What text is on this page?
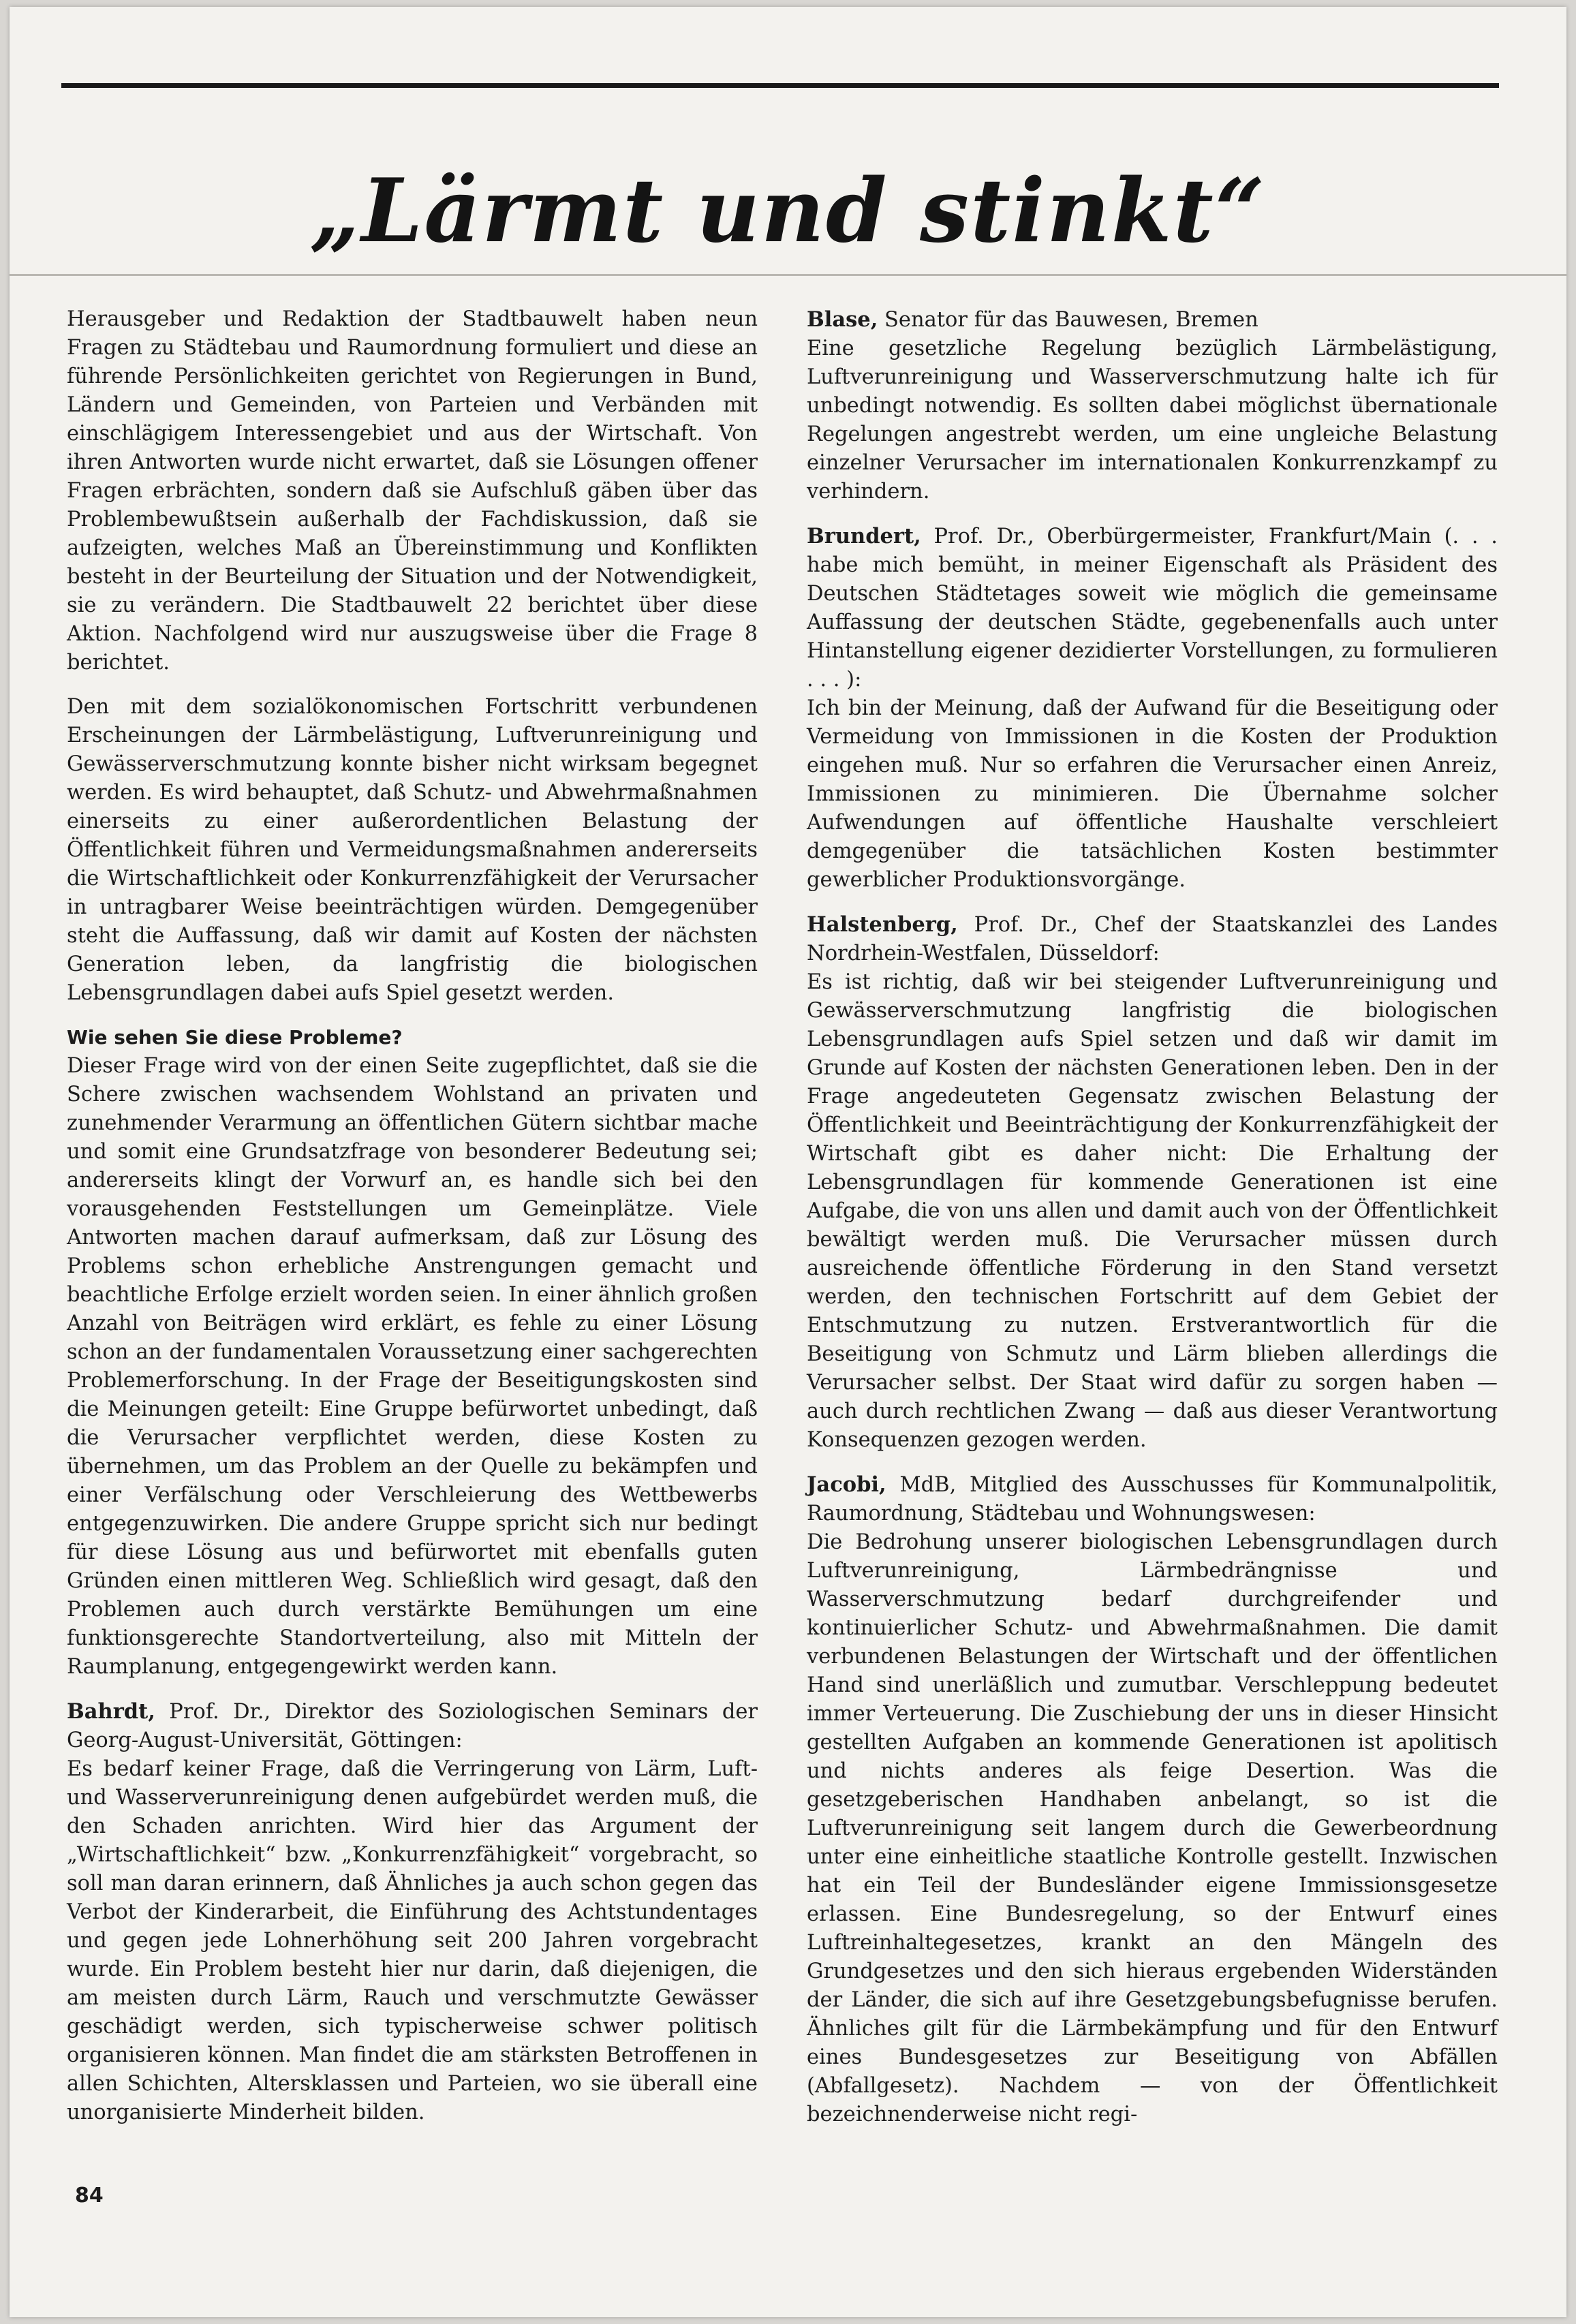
„Lärmt und stinkt“

Herausgeber und Redaktion der Stadtbauwelt haben neun Fragen zu Städtebau und Raumordnung formuliert und diese an führende Persönlichkeiten gerichtet von Regierungen in Bund, Ländern und Gemeinden, von Parteien und Verbänden mit einschlägigem Interessengebiet und aus der Wirtschaft. Von ihren Antworten wurde nicht erwartet, daß sie Lösungen offener Fragen erbrächten, sondern daß sie Aufschluß gäben über das Problembewußtsein außerhalb der Fachdiskussion, daß sie aufzeigten, welches Maß an Übereinstimmung und Konflikten besteht in der Beurteilung der Situation und der Notwendigkeit, sie zu verändern. Die Stadtbauwelt 22 berichtet über diese Aktion. Nachfolgend wird nur auszugsweise über die Frage 8 berichtet.

Den mit dem sozialökonomischen Fortschritt verbundenen Erscheinungen der Lärmbelästigung, Luftverunreinigung und Gewässerverschmutzung konnte bisher nicht wirksam begegnet werden. Es wird behauptet, daß Schutz- und Abwehrmaßnahmen einerseits zu einer außerordentlichen Belastung der Öffentlichkeit führen und Vermeidungsmaßnahmen andererseits die Wirtschaftlichkeit oder Konkurrenzfähigkeit der Verursacher in untragbarer Weise beeinträchtigen würden. Demgegenüber steht die Auffassung, daß wir damit auf Kosten der nächsten Generation leben, da langfristig die biologischen Lebensgrundlagen dabei aufs Spiel gesetzt werden.

Wie sehen Sie diese Probleme?

Dieser Frage wird von der einen Seite zugepflichtet, daß sie die Schere zwischen wachsendem Wohlstand an privaten und zunehmender Verarmung an öffentlichen Gütern sichtbar mache und somit eine Grundsatzfrage von besonderer Bedeutung sei; andererseits klingt der Vorwurf an, es handle sich bei den vorausgehenden Feststellungen um Gemeinplätze. Viele Antworten machen darauf aufmerksam, daß zur Lösung des Problems schon erhebliche Anstrengungen gemacht und beachtliche Erfolge erzielt worden seien. In einer ähnlich großen Anzahl von Beiträgen wird erklärt, es fehle zu einer Lösung schon an der fundamentalen Voraussetzung einer sachgerechten Problemerforschung. In der Frage der Beseitigungskosten sind die Meinungen geteilt: Eine Gruppe befürwortet unbedingt, daß die Verursacher verpflichtet werden, diese Kosten zu übernehmen, um das Problem an der Quelle zu bekämpfen und einer Verfälschung oder Verschleierung des Wettbewerbs entgegenzuwirken. Die andere Gruppe spricht sich nur bedingt für diese Lösung aus und befürwortet mit ebenfalls guten Gründen einen mittleren Weg. Schließlich wird gesagt, daß den Problemen auch durch verstärkte Bemühungen um eine funktionsgerechte Standortverteilung, also mit Mitteln der Raumplanung, entgegengewirkt werden kann.

Bahrdt, Prof. Dr., Direktor des Soziologischen Seminars der Georg-August-Universität, Göttingen:

Es bedarf keiner Frage, daß die Verringerung von Lärm, Luft- und Wasserverunreinigung denen aufgebürdet werden muß, die den Schaden anrichten. Wird hier das Argument der „Wirtschaftlichkeit“ bzw. „Konkurrenzfähigkeit“ vorgebracht, so soll man daran erinnern, daß Ähnliches ja auch schon gegen das Verbot der Kinderarbeit, die Einführung des Achtstundentages und gegen jede Lohnerhöhung seit 200 Jahren vorgebracht wurde. Ein Problem besteht hier nur darin, daß diejenigen, die am meisten durch Lärm, Rauch und verschmutzte Gewässer geschädigt werden, sich typischerweise schwer politisch organisieren können. Man findet die am stärksten Betroffenen in allen Schichten, Altersklassen und Parteien, wo sie überall eine unorganisierte Minderheit bilden.

Blase, Senator für das Bauwesen, Bremen

Eine gesetzliche Regelung bezüglich Lärmbelästigung, Luftverunreinigung und Wasserverschmutzung halte ich für unbedingt notwendig. Es sollten dabei möglichst übernationale Regelungen angestrebt werden, um eine ungleiche Belastung einzelner Verursacher im internationalen Konkurrenzkampf zu verhindern.

Brundert, Prof. Dr., Oberbürgermeister, Frankfurt/Main (. . . habe mich bemüht, in meiner Eigenschaft als Präsident des Deutschen Städtetages soweit wie möglich die gemeinsame Auffassung der deutschen Städte, gegebenenfalls auch unter Hintanstellung eigener dezidierter Vorstellungen, zu formulieren . . . ):

Ich bin der Meinung, daß der Aufwand für die Beseitigung oder Vermeidung von Immissionen in die Kosten der Produktion eingehen muß. Nur so erfahren die Verursacher einen Anreiz, Immissionen zu minimieren. Die Übernahme solcher Aufwendungen auf öffentliche Haushalte verschleiert demgegenüber die tatsächlichen Kosten bestimmter gewerblicher Produktionsvorgänge.

Halstenberg, Prof. Dr., Chef der Staatskanzlei des Landes Nordrhein-Westfalen, Düsseldorf:

Es ist richtig, daß wir bei steigender Luftverunreinigung und Gewässerverschmutzung langfristig die biologischen Lebensgrundlagen aufs Spiel setzen und daß wir damit im Grunde auf Kosten der nächsten Generationen leben. Den in der Frage angedeuteten Gegensatz zwischen Belastung der Öffentlichkeit und Beeinträchtigung der Konkurrenzfähigkeit der Wirtschaft gibt es daher nicht: Die Erhaltung der Lebensgrundlagen für kommende Generationen ist eine Aufgabe, die von uns allen und damit auch von der Öffentlichkeit bewältigt werden muß. Die Verursacher müssen durch ausreichende öffentliche Förderung in den Stand versetzt werden, den technischen Fortschritt auf dem Gebiet der Entschmutzung zu nutzen. Erstverantwortlich für die Beseitigung von Schmutz und Lärm blieben allerdings die Verursacher selbst. Der Staat wird dafür zu sorgen haben — auch durch rechtlichen Zwang — daß aus dieser Verantwortung Konsequenzen gezogen werden.

Jacobi, MdB, Mitglied des Ausschusses für Kommunalpolitik, Raumordnung, Städtebau und Wohnungswesen:

Die Bedrohung unserer biologischen Lebensgrundlagen durch Luftverunreinigung, Lärmbedrängnisse und Wasserverschmutzung bedarf durchgreifender und kontinuierlicher Schutz- und Abwehrmaßnahmen. Die damit verbundenen Belastungen der Wirtschaft und der öffentlichen Hand sind unerläßlich und zumutbar. Verschleppung bedeutet immer Verteuerung. Die Zuschiebung der uns in dieser Hinsicht gestellten Aufgaben an kommende Generationen ist apolitisch und nichts anderes als feige Desertion. Was die gesetzgeberischen Handhaben anbelangt, so ist die Luftverunreinigung seit langem durch die Gewerbeordnung unter eine einheitliche staatliche Kontrolle gestellt. Inzwischen hat ein Teil der Bundesländer eigene Immissionsgesetze erlassen. Eine Bundesregelung, so der Entwurf eines Luftreinhaltegesetzes, krankt an den Mängeln des Grundgesetzes und den sich hieraus ergebenden Widerständen der Länder, die sich auf ihre Gesetzgebungsbefugnisse berufen. Ähnliches gilt für die Lärmbekämpfung und für den Entwurf eines Bundesgesetzes zur Beseitigung von Abfällen (Abfallgesetz). Nachdem — von der Öffentlichkeit bezeichnenderweise nicht regi-

84
